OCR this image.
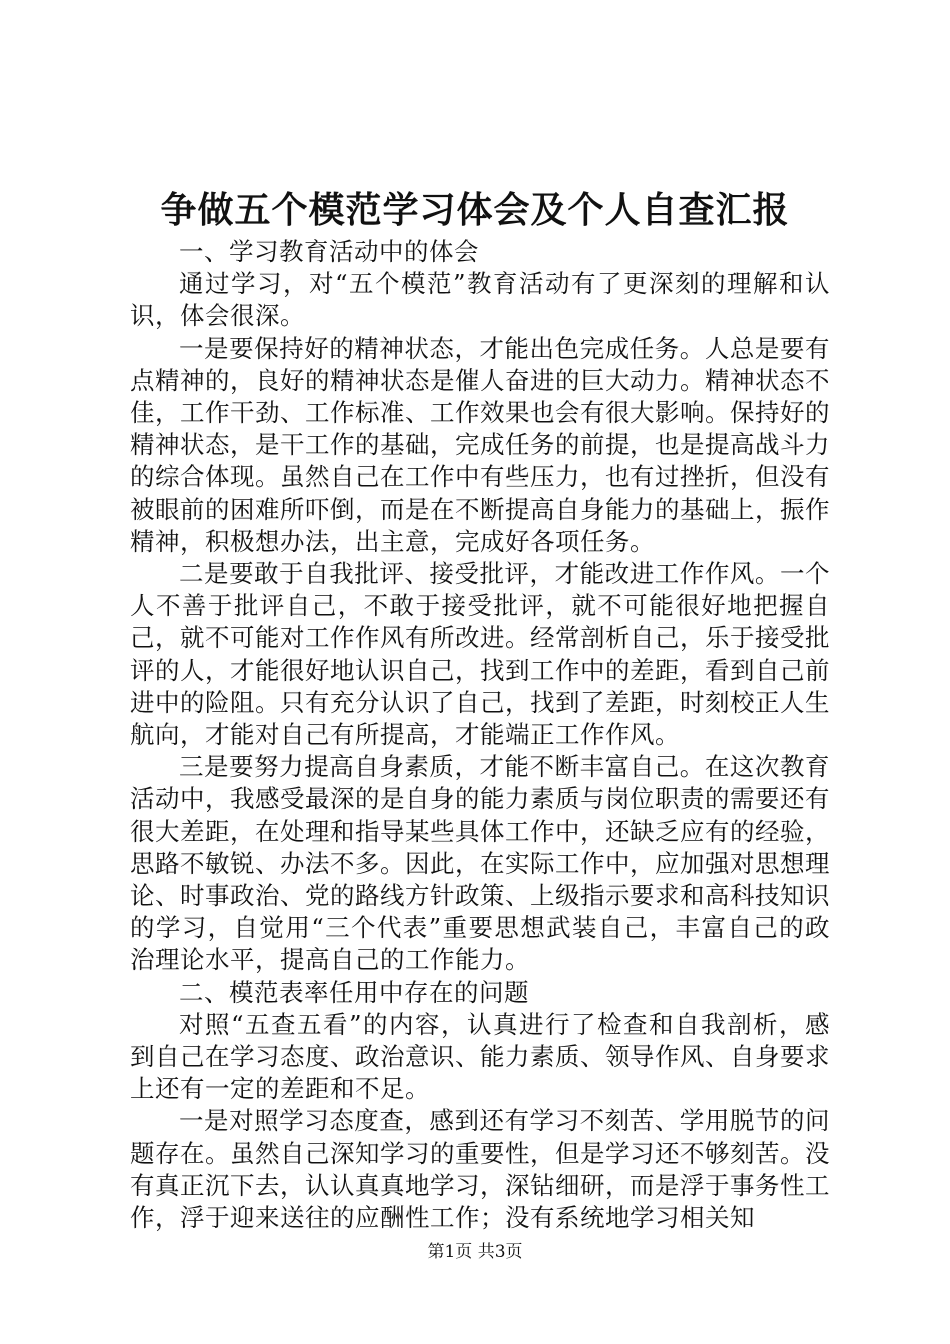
争做五个模范学习体会及个人自查汇报

一、学习教育活动中的体会

通过学习，对“五个模范”教育活动有了更深刻的理解和认识，体会很深。

一是要保持好的精神状态，才能出色完成任务。人总是要有点精神的，良好的精神状态是催人奋进的巨大动力。精神状态不佳，工作干劲、工作标准、工作效果也会有很大影响。保持好的精神状态，是干工作的基础，完成任务的前提，也是提高战斗力的综合体现。虽然自己在工作中有些压力，也有过挫折，但没有被眼前的困难所吓倒，而是在不断提高自身能力的基础上，振作精神，积极想办法，出主意，完成好各项任务。

二是要敢于自我批评、接受批评，才能改进工作作风。一个人不善于批评自己，不敢于接受批评，就不可能很好地把握自己，就不可能对工作作风有所改进。经常剖析自己，乐于接受批评的人，才能很好地认识自己，找到工作中的差距，看到自己前进中的险阻。只有充分认识了自己，找到了差距，时刻校正人生航向，才能对自己有所提高，才能端正工作作风。

三是要努力提高自身素质，才能不断丰富自己。在这次教育活动中，我感受最深的是自身的能力素质与岗位职责的需要还有很大差距，在处理和指导某些具体工作中，还缺乏应有的经验，思路不敏锐、办法不多。因此，在实际工作中，应加强对思想理论、时事政治、党的路线方针政策、上级指示要求和高科技知识的学习，自觉用“三个代表”重要思想武装自己，丰富自己的政治理论水平，提高自己的工作能力。

二、模范表率任用中存在的问题

对照“五查五看”的内容，认真进行了检查和自我剖析，感到自己在学习态度、政治意识、能力素质、领导作风、自身要求上还有一定的差距和不足。

一是对照学习态度查，感到还有学习不刻苦、学用脱节的问题存在。虽然自己深知学习的重要性，但是学习还不够刻苦。没有真正沉下去，认认真真地学习，深钻细研，而是浮于事务性工作，浮于迎来送往的应酬性工作；没有系统地学习相关知

第1页 共3页
